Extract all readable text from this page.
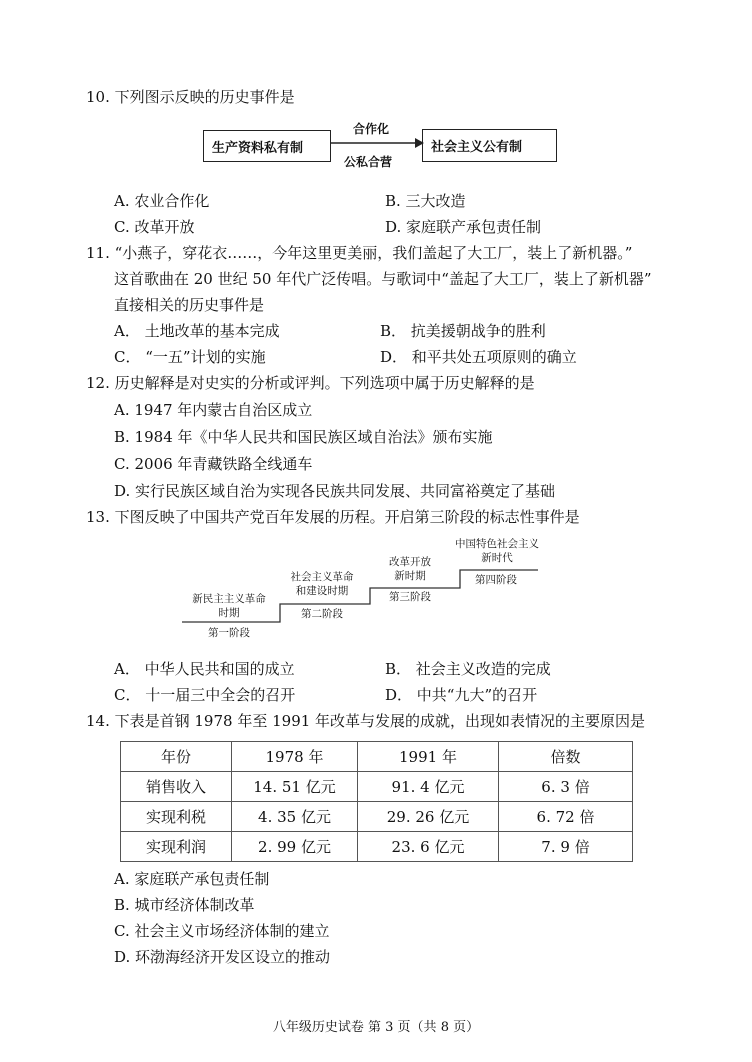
10. 下列图示反映的历史事件是
生产资料私有制
合作化
公私合营
社会主义公有制
A. 农业合作化	B. 三大改造
C. 改革开放	D. 家庭联产承包责任制
11. “小燕子，穿花衣……，今年这里更美丽，我们盖起了大工厂，装上了新机器。”
这首歌曲在 20 世纪 50 年代广泛传唱。与歌词中“盖起了大工厂，装上了新机器”
直接相关的历史事件是
A． 土地改革的基本完成	B． 抗美援朝战争的胜利
C． “一五”计划的实施	D． 和平共处五项原则的确立
12. 历史解释是对史实的分析或评判。下列选项中属于历史解释的是
A. 1947 年内蒙古自治区成立
B. 1984 年《中华人民共和国民族区域自治法》颁布实施
C. 2006 年青藏铁路全线通车
D. 实行民族区域自治为实现各民族共同发展、共同富裕奠定了基础
13. 下图反映了中国共产党百年发展的历程。开启第三阶段的标志性事件是
新民主主义革命
时期
第一阶段
社会主义革命
和建设时期
第二阶段
改革开放
新时期
第三阶段
中国特色社会主义
新时代
第四阶段
A． 中华人民共和国的成立	B． 社会主义改造的完成
C． 十一届三中全会的召开	D． 中共“九大”的召开
14. 下表是首钢 1978 年至 1991 年改革与发展的成就，出现如表情况的主要原因是
年份	1978 年	1991 年	倍数
销售收入	14. 51 亿元	91. 4 亿元	6. 3 倍
实现利税	4. 35 亿元	29. 26 亿元	6. 72 倍
实现利润	2. 99 亿元	23. 6 亿元	7. 9 倍
A. 家庭联产承包责任制
B. 城市经济体制改革
C. 社会主义市场经济体制的建立
D. 环渤海经济开发区设立的推动
八年级历史试卷 第 3 页（共 8 页）
